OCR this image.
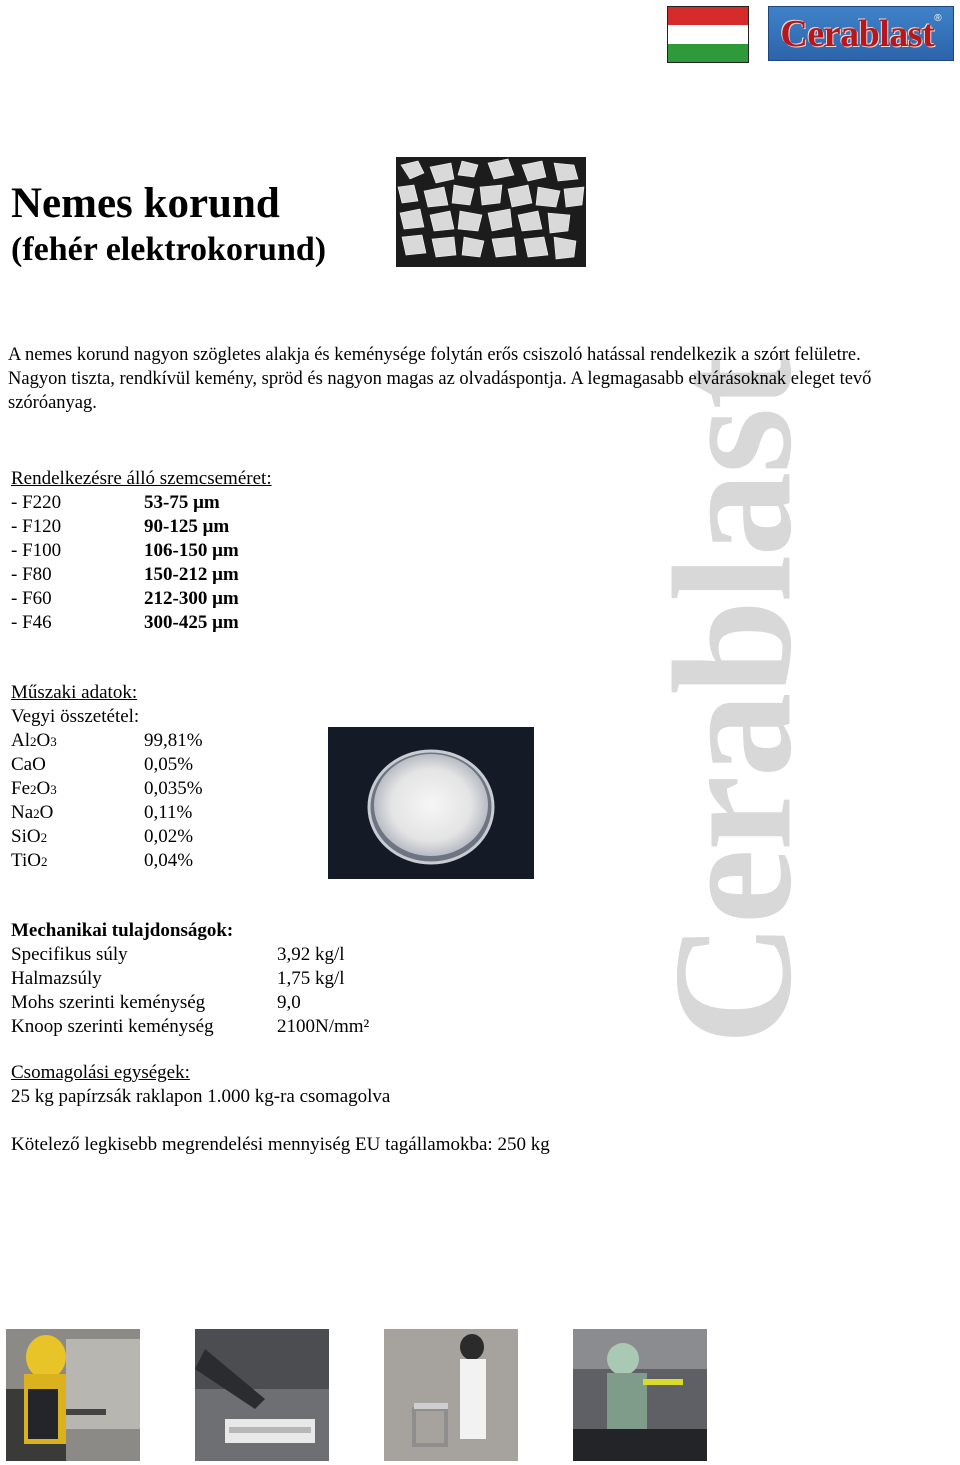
Cerablast ®
Cerablast
Nemes korund
(fehér elektrokorund)
A nemes korund nagyon szögletes alakja és keménysége folytán erős csiszoló hatással rendelkezik a szórt felületre. Nagyon tiszta, rendkívül kemény, spröd és nagyon magas az olvadáspontja. A legmagasabb elvárásoknak eleget tevő szóróanyag.
Rendelkezésre álló szemcseméret:
- F220	53-75 μm
- F120	90-125 μm
- F100	106-150 μm
- F80	150-212 μm
- F60	212-300 μm
- F46	300-425 μm
Műszaki adatok:
Vegyi összetétel:
Al2O3	99,81%
CaO	0,05%
Fe2O3	0,035%
Na2O	0,11%
SiO2	0,02%
TiO2	0,04%
Mechanikai tulajdonságok:
Specifikus súly	3,92 kg/l
Halmazsúly	1,75 kg/l
Mohs szerinti keménység	9,0
Knoop szerinti keménység	2100N/mm²
Csomagolási egységek:
25 kg papírzsák raklapon 1.000 kg-ra csomagolva
Kötelező legkisebb megrendelési mennyiség EU tagállamokba: 250 kg
